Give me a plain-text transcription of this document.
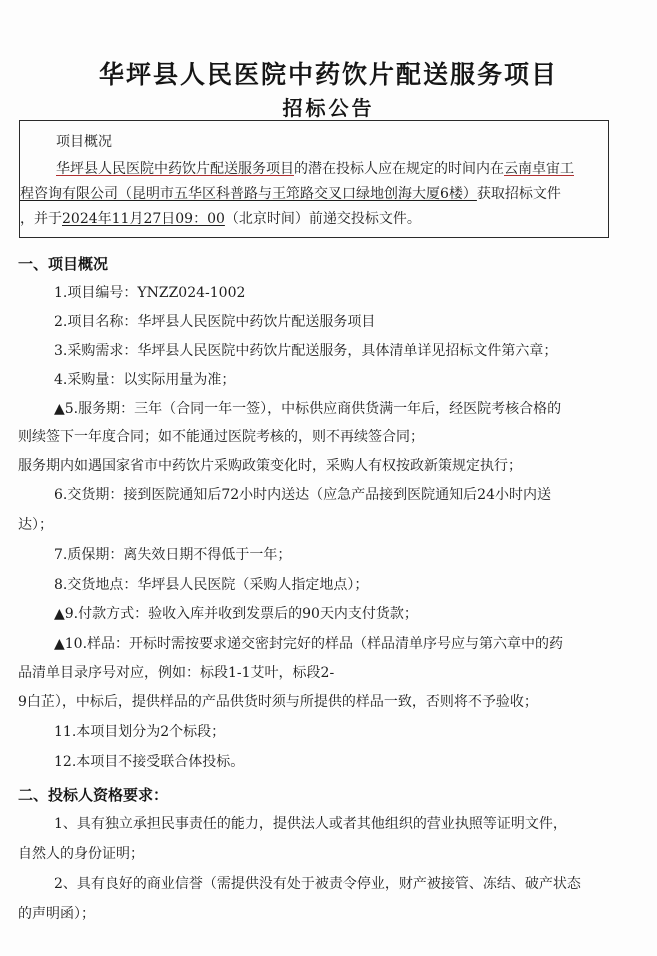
华坪县人民医院中药饮片配送服务项目
招标公告
项目概况
华坪县人民医院中药饮片配送服务项目的潜在投标人应在规定的时间内在云南卓宙工
程咨询有限公司（昆明市五华区科普路与王筇路交叉口绿地创海大厦6楼）获取招标文件
，并于2024年11月27日09：00（北京时间）前递交投标文件。
一、项目概况
1.项目编号：YNZZ024-1002
2.项目名称：华坪县人民医院中药饮片配送服务项目
3.采购需求：华坪县人民医院中药饮片配送服务，具体清单详见招标文件第六章；
4.采购量：以实际用量为准；
▲5.服务期：三年（合同一年一签），中标供应商供货满一年后，经医院考核合格的
则续签下一年度合同；如不能通过医院考核的，则不再续签合同；
服务期内如遇国家省市中药饮片采购政策变化时，采购人有权按政新策规定执行；
6.交货期：接到医院通知后72小时内送达（应急产品接到医院通知后24小时内送
达）；
7.质保期：离失效日期不得低于一年；
8.交货地点：华坪县人民医院（采购人指定地点）；
▲9.付款方式：验收入库并收到发票后的90天内支付货款；
▲10.样品：开标时需按要求递交密封完好的样品（样品清单序号应与第六章中的药
品清单目录序号对应，例如：标段1-1艾叶，标段2-
9白芷），中标后，提供样品的产品供货时须与所提供的样品一致，否则将不予验收；
11.本项目划分为2个标段；
12.本项目不接受联合体投标。
二、投标人资格要求：
1、具有独立承担民事责任的能力，提供法人或者其他组织的营业执照等证明文件，
自然人的身份证明；
2、具有良好的商业信誉（需提供没有处于被责令停业，财产被接管、冻结、破产状态
的声明函）；
